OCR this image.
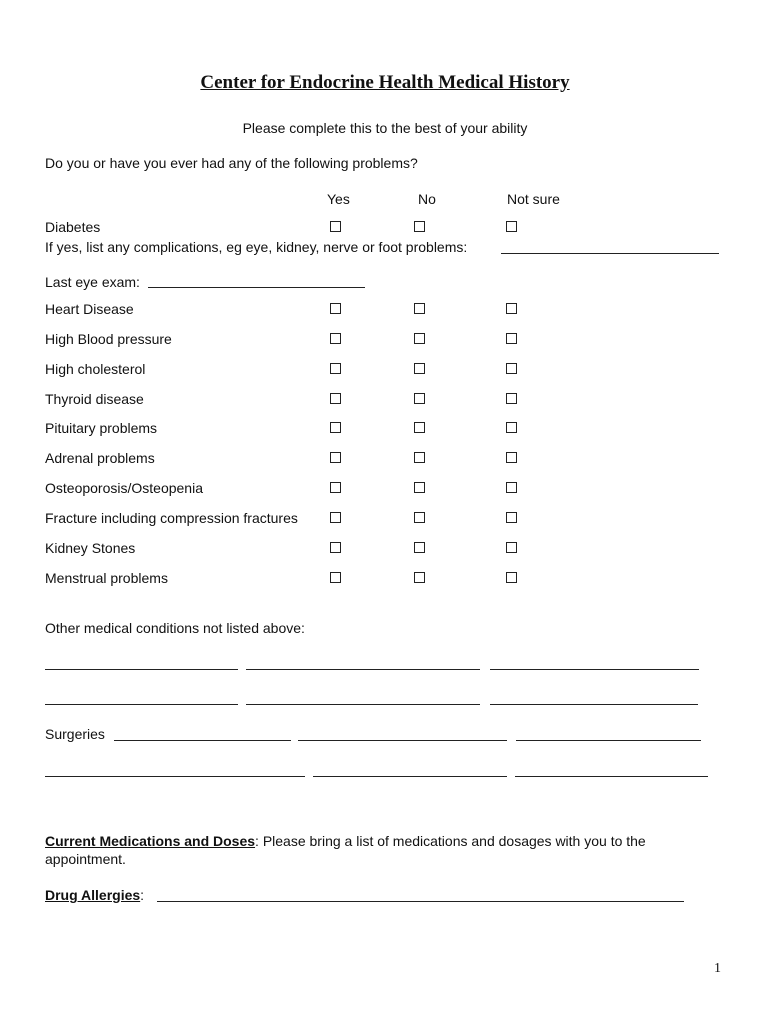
Center for Endocrine Health Medical History
Please complete this to the best of your ability
Do you or have you ever had any of the following problems?
Yes	No	Not sure
Diabetes
If yes, list any complications, eg eye, kidney, nerve or foot problems:
Last eye exam:
Heart Disease
High Blood pressure
High cholesterol
Thyroid disease
Pituitary problems
Adrenal problems
Osteoporosis/Osteopenia
Fracture including compression fractures
Kidney Stones
Menstrual problems
Other medical conditions not listed above:
Surgeries
Current Medications and Doses: Please bring a list of medications and dosages with you to the
appointment.
Drug Allergies:
1
